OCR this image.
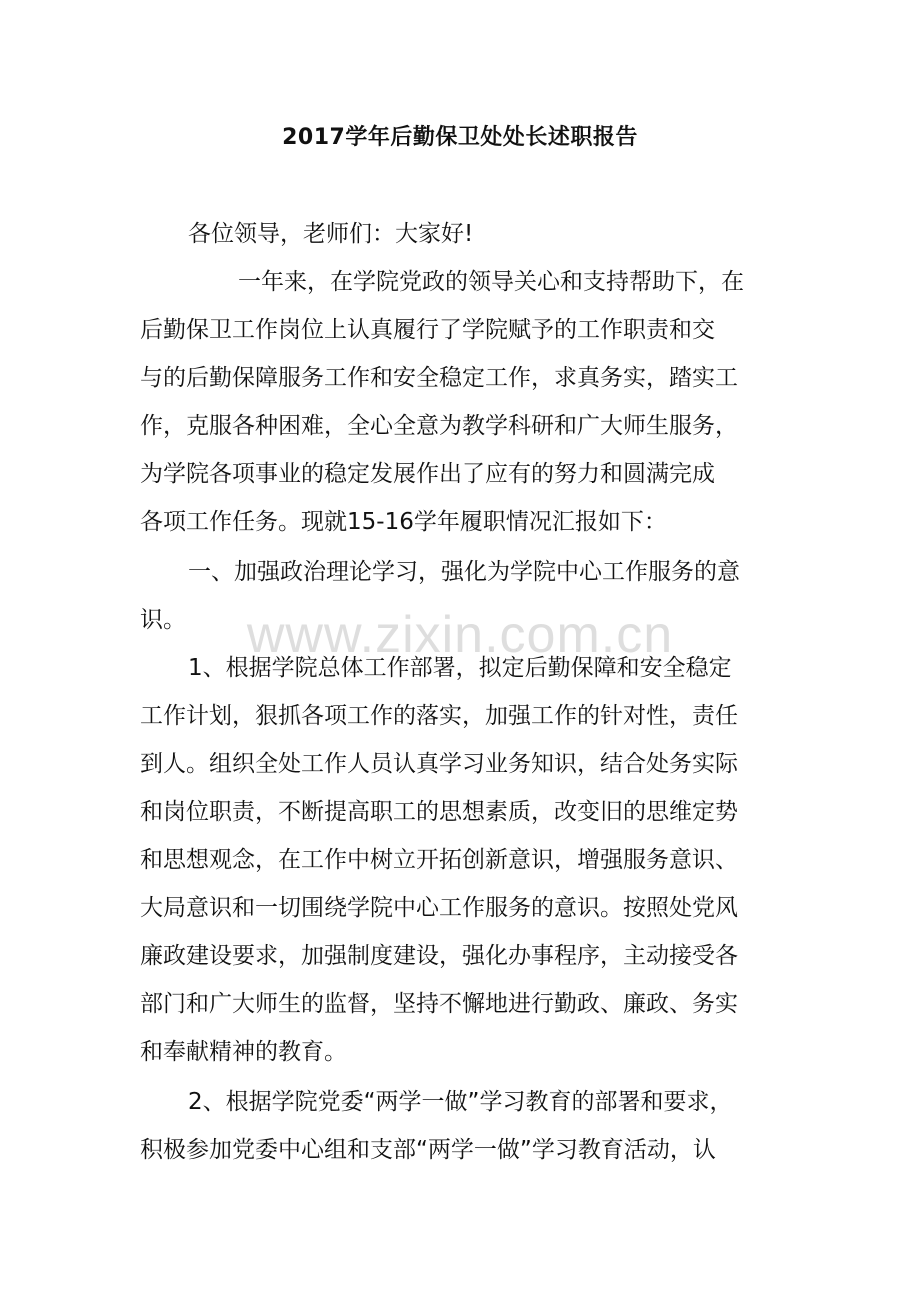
2017学年后勤保卫处处长述职报告

各位领导，老师们：大家好!

一年来，在学院党政的领导关心和支持帮助下，在

后勤保卫工作岗位上认真履行了学院赋予的工作职责和交

与的后勤保障服务工作和安全稳定工作，求真务实，踏实工

作，克服各种困难，全心全意为教学科研和广大师生服务，

为学院各项事业的稳定发展作出了应有的努力和圆满完成

各项工作任务。现就15-16学年履职情况汇报如下：

一、加强政治理论学习，强化为学院中心工作服务的意

识。

1、根据学院总体工作部署，拟定后勤保障和安全稳定

工作计划，狠抓各项工作的落实，加强工作的针对性，责任

到人。组织全处工作人员认真学习业务知识，结合处务实际

和岗位职责，不断提高职工的思想素质，改变旧的思维定势

和思想观念，在工作中树立开拓创新意识，增强服务意识、

大局意识和一切围绕学院中心工作服务的意识。按照处党风

廉政建设要求，加强制度建设，强化办事程序，主动接受各

部门和广大师生的监督，坚持不懈地进行勤政、廉政、务实

和奉献精神的教育。

2、根据学院党委“两学一做”学习教育的部署和要求，

积极参加党委中心组和支部“两学一做”学习教育活动，认

www.zixin.com.cn
